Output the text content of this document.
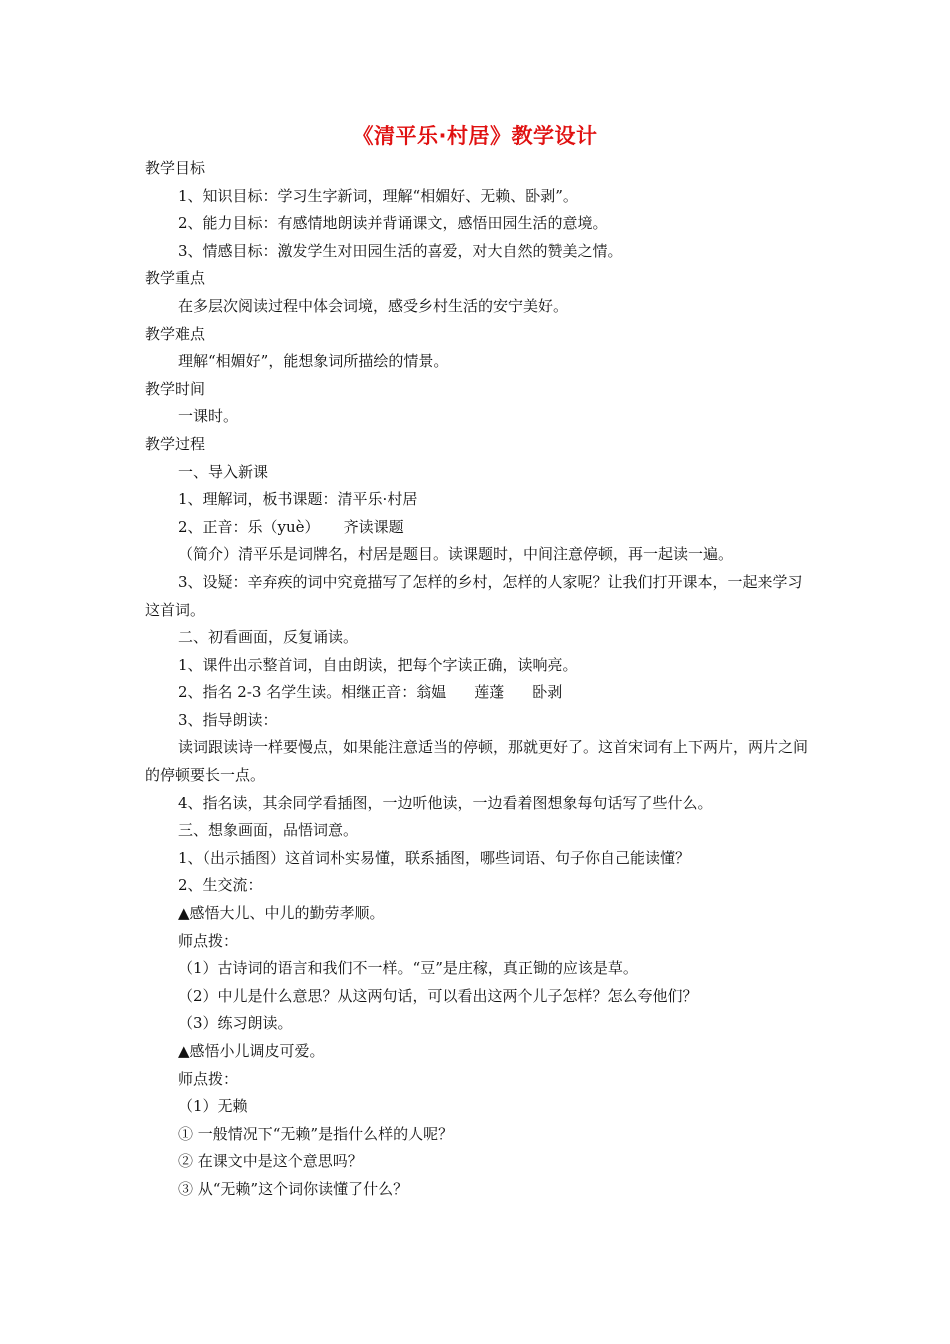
《清平乐·村居》教学设计
教学目标
1、知识目标：学习生字新词，理解“相媚好、无赖、卧剥”。
2、能力目标：有感情地朗读并背诵课文，感悟田园生活的意境。
3、情感目标：激发学生对田园生活的喜爱，对大自然的赞美之情。
教学重点
在多层次阅读过程中体会词境，感受乡村生活的安宁美好。
教学难点
理解“相媚好”，能想象词所描绘的情景。
教学时间
一课时。
教学过程
一、导入新课
1、理解词，板书课题：清平乐·村居
2、正音：乐（yuè） 齐读课题
（简介）清平乐是词牌名，村居是题目。读课题时，中间注意停顿，再一起读一遍。
3、设疑：辛弃疾的词中究竟描写了怎样的乡村，怎样的人家呢？让我们打开课本，一起来学习这首词。
二、初看画面，反复诵读。
1、课件出示整首词，自由朗读，把每个字读正确，读响亮。
2、指名 2-3 名学生读。相继正音：翁媪 莲蓬 卧剥
3、指导朗读：
读词跟读诗一样要慢点，如果能注意适当的停顿，那就更好了。这首宋词有上下两片，两片之间的停顿要长一点。
4、指名读，其余同学看插图，一边听他读，一边看着图想象每句话写了些什么。
三、想象画面，品悟词意。
1、（出示插图）这首词朴实易懂，联系插图，哪些词语、句子你自己能读懂？
2、生交流：
▲感悟大儿、中儿的勤劳孝顺。
师点拨：
（1）古诗词的语言和我们不一样。“豆”是庄稼，真正锄的应该是草。
（2）中儿是什么意思？从这两句话，可以看出这两个儿子怎样？怎么夸他们？
（3）练习朗读。
▲感悟小儿调皮可爱。
师点拨：
（1）无赖
① 一般情况下“无赖”是指什么样的人呢？
② 在课文中是这个意思吗？
③ 从“无赖”这个词你读懂了什么？
